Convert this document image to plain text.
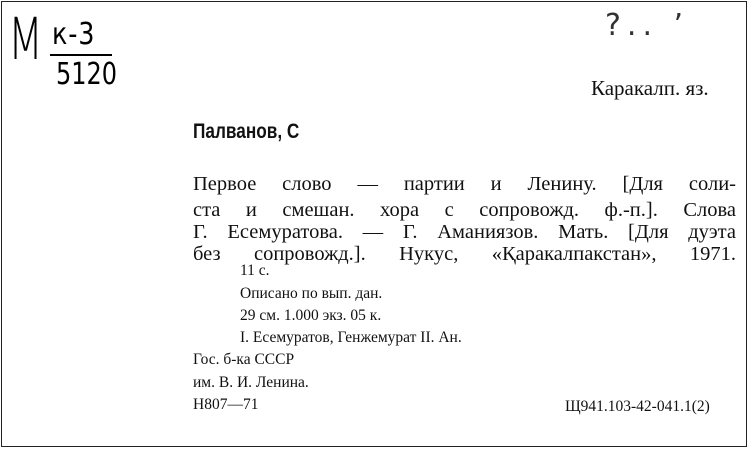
M к-3
5120
?.. ’
Каракалп. яз.
Палванов, С
Первое слово — партии и Ленину. [Для соли-
ста и смешан. хора с сопровожд. ф.-п.]. Слова
Г. Есемуратова. — Г. Аманиязов. Мать. [Для дуэта
без сопровожд.]. Нукус, «Қаракалпакстан», 1971.
11 с.
Описано по вып. дан.
29 см. 1.000 экз. 05 к.
I. Есемуратов, Генжемурат II. Ан.
Гос. б-ка СССР
им. В. И. Ленина.
Н807—71	Щ941.103-42-041.1(2)
